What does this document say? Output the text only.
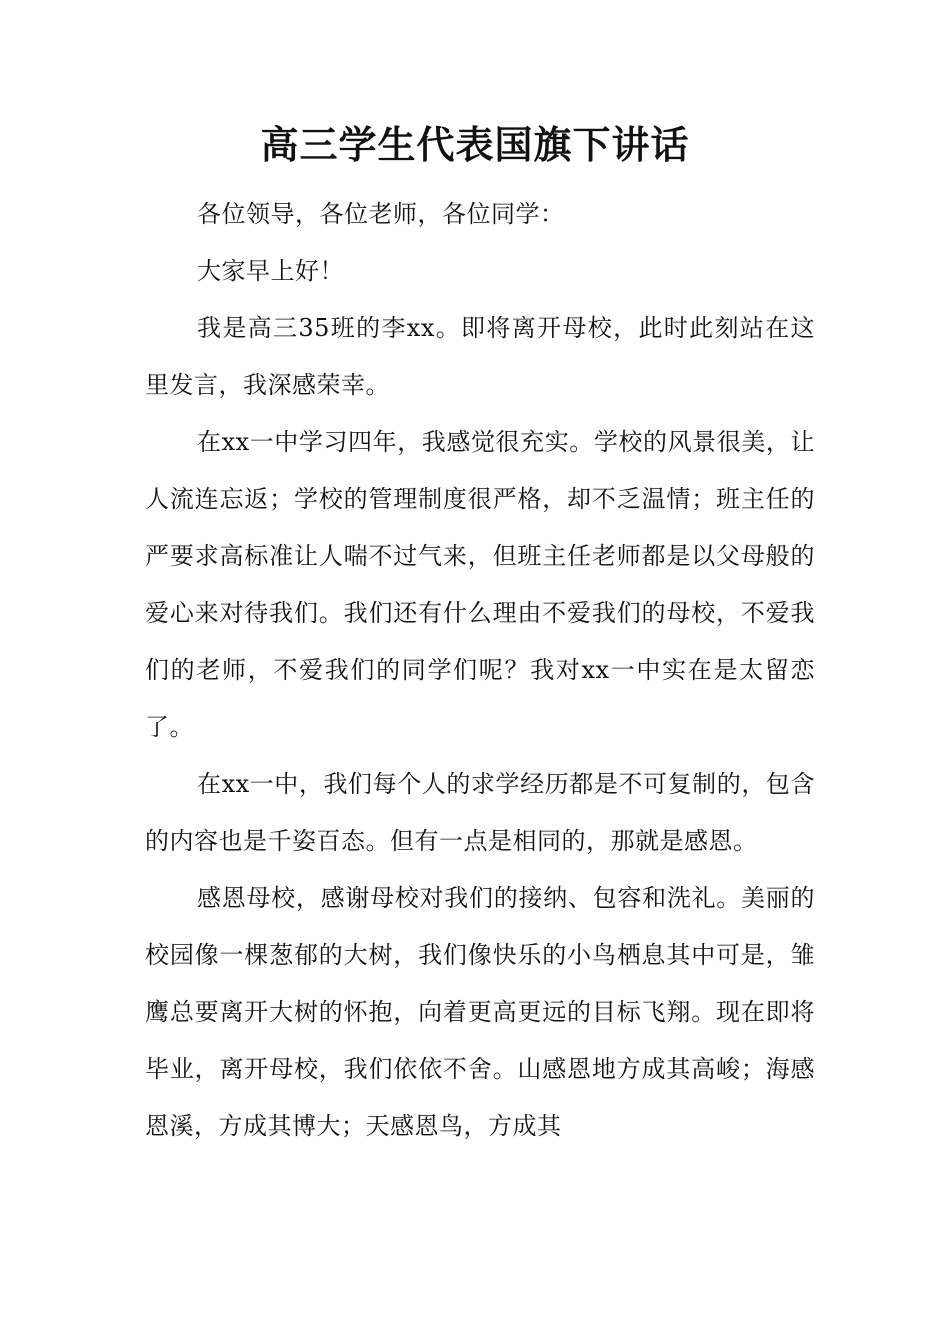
高三学生代表国旗下讲话

各位领导，各位老师，各位同学：

大家早上好！

我是高三35班的李xx。即将离开母校，此时此刻站在这里发言，我深感荣幸。

在xx一中学习四年，我感觉很充实。学校的风景很美，让人流连忘返；学校的管理制度很严格，却不乏温情；班主任的严要求高标准让人喘不过气来，但班主任老师都是以父母般的爱心来对待我们。我们还有什么理由不爱我们的母校，不爱我们的老师，不爱我们的同学们呢？我对xx一中实在是太留恋了。

在xx一中，我们每个人的求学经历都是不可复制的，包含的内容也是千姿百态。但有一点是相同的，那就是感恩。

感恩母校，感谢母校对我们的接纳、包容和洗礼。美丽的校园像一棵葱郁的大树，我们像快乐的小鸟栖息其中可是，雏鹰总要离开大树的怀抱，向着更高更远的目标飞翔。现在即将毕业，离开母校，我们依依不舍。山感恩地方成其高峻；海感恩溪，方成其博大；天感恩鸟，方成其
